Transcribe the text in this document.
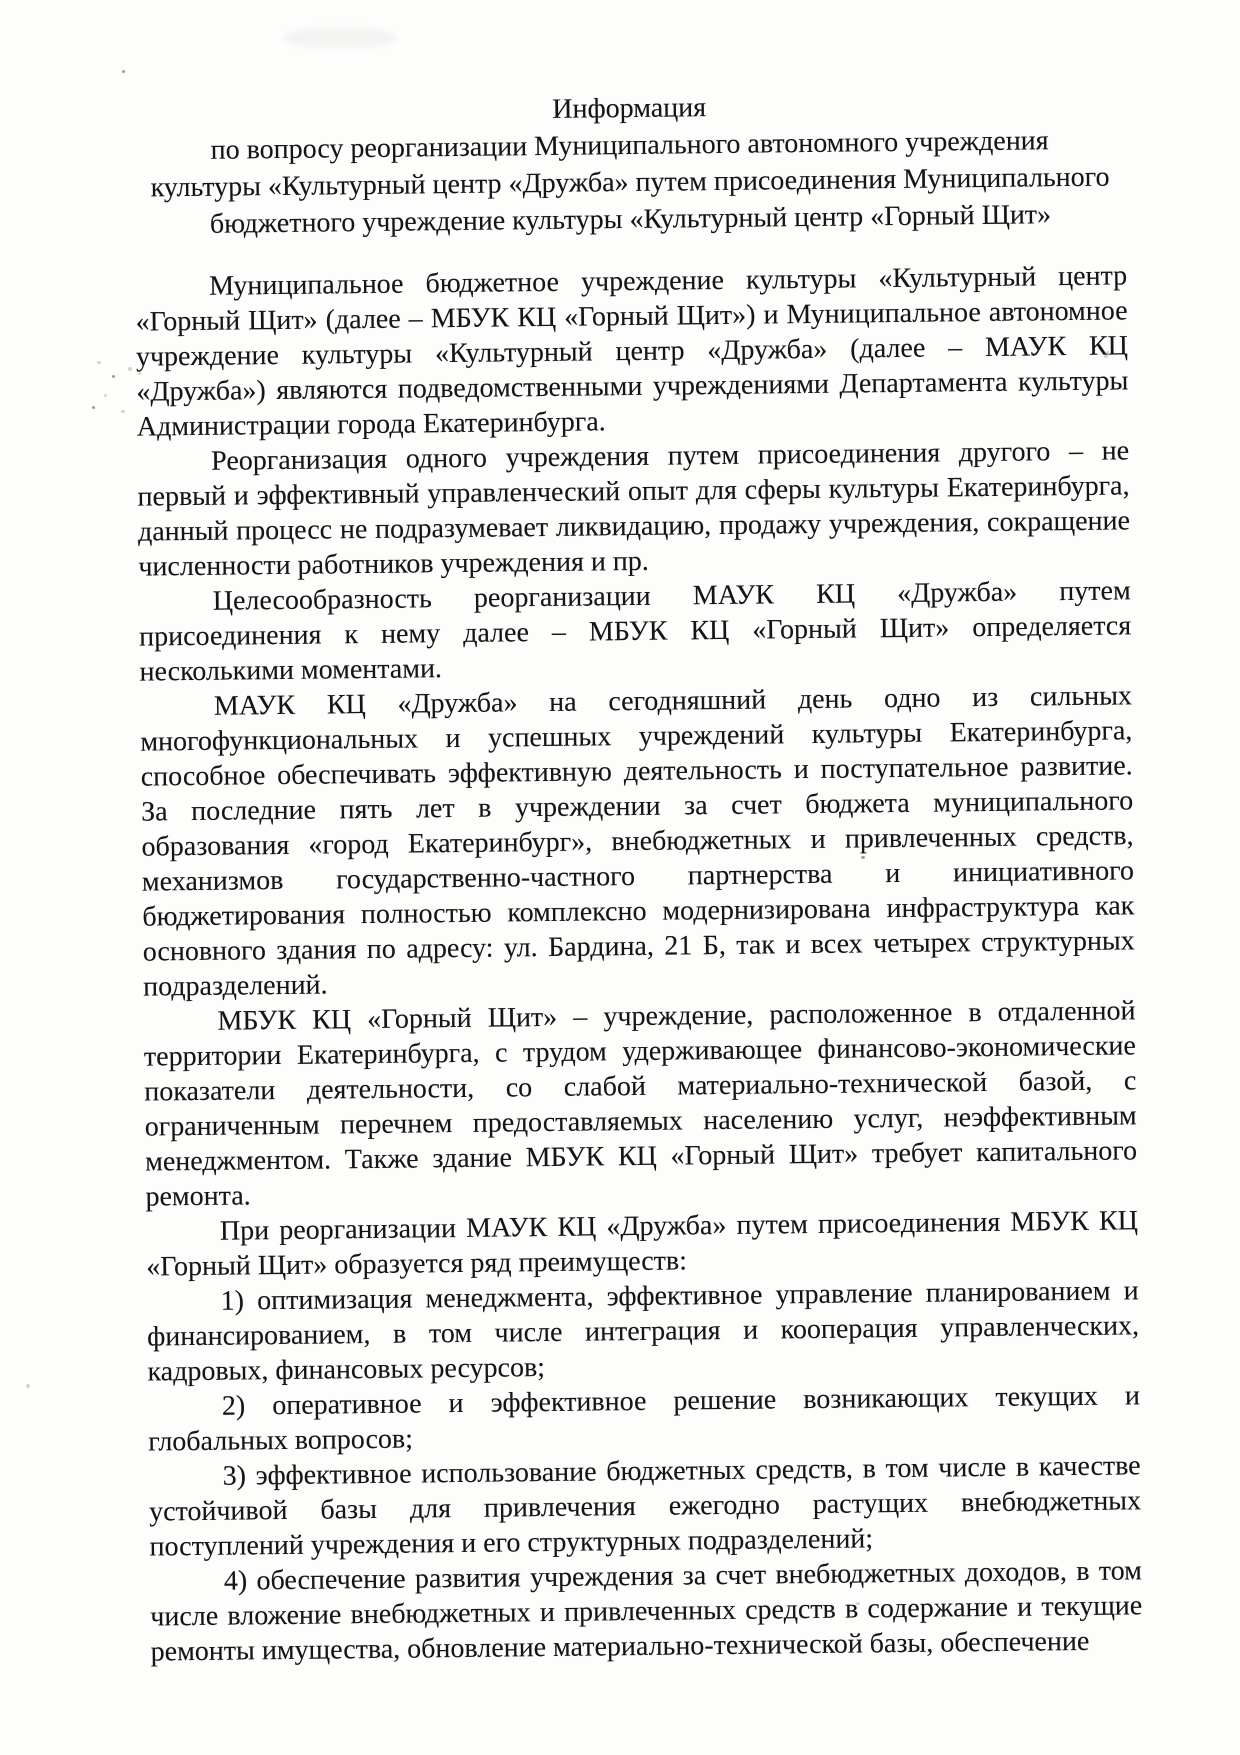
Информация
по вопросу реорганизации Муниципального автономного учреждения
культуры «Культурный центр «Дружба» путем присоединения Муниципального
бюджетного учреждение культуры «Культурный центр «Горный Щит»

Муниципальное бюджетное учреждение культуры «Культурный центр «Горный Щит» (далее – МБУК КЦ «Горный Щит») и Муниципальное автономное учреждение культуры «Культурный центр «Дружба» (далее – МАУК КЦ «Дружба») являются подведомственными учреждениями Департамента культуры Администрации города Екатеринбурга.

Реорганизация одного учреждения путем присоединения другого – не первый и эффективный управленческий опыт для сферы культуры Екатеринбурга, данный процесс не подразумевает ликвидацию, продажу учреждения, сокращение численности работников учреждения и пр.

Целесообразность реорганизации МАУК КЦ «Дружба» путем присоединения к нему далее – МБУК КЦ «Горный Щит» определяется несколькими моментами.

МАУК КЦ «Дружба» на сегодняшний день одно из сильных многофункциональных и успешных учреждений культуры Екатеринбурга, способное обеспечивать эффективную деятельность и поступательное развитие. За последние пять лет в учреждении за счет бюджета муниципального образования «город Екатеринбург», внебюджетных и привлеченных средств, механизмов государственно-частного партнерства и инициативного бюджетирования полностью комплексно модернизирована инфраструктура как основного здания по адресу: ул. Бардина, 21 Б, так и всех четырех структурных подразделений.

МБУК КЦ «Горный Щит» – учреждение, расположенное в отдаленной территории Екатеринбурга, с трудом удерживающее финансово-экономические показатели деятельности, со слабой материально-технической базой, с ограниченным перечнем предоставляемых населению услуг, неэффективным менеджментом. Также здание МБУК КЦ «Горный Щит» требует капитального ремонта.

При реорганизации МАУК КЦ «Дружба» путем присоединения МБУК КЦ «Горный Щит» образуется ряд преимуществ:

1) оптимизация менеджмента, эффективное управление планированием и финансированием, в том числе интеграция и кооперация управленческих, кадровых, финансовых ресурсов;

2) оперативное и эффективное решение возникающих текущих и глобальных вопросов;

3) эффективное использование бюджетных средств, в том числе в качестве устойчивой базы для привлечения ежегодно растущих внебюджетных поступлений учреждения и его структурных подразделений;

4) обеспечение развития учреждения за счет внебюджетных доходов, в том числе вложение внебюджетных и привлеченных средств в содержание и текущие ремонты имущества, обновление материально-технической базы, обеспечение
